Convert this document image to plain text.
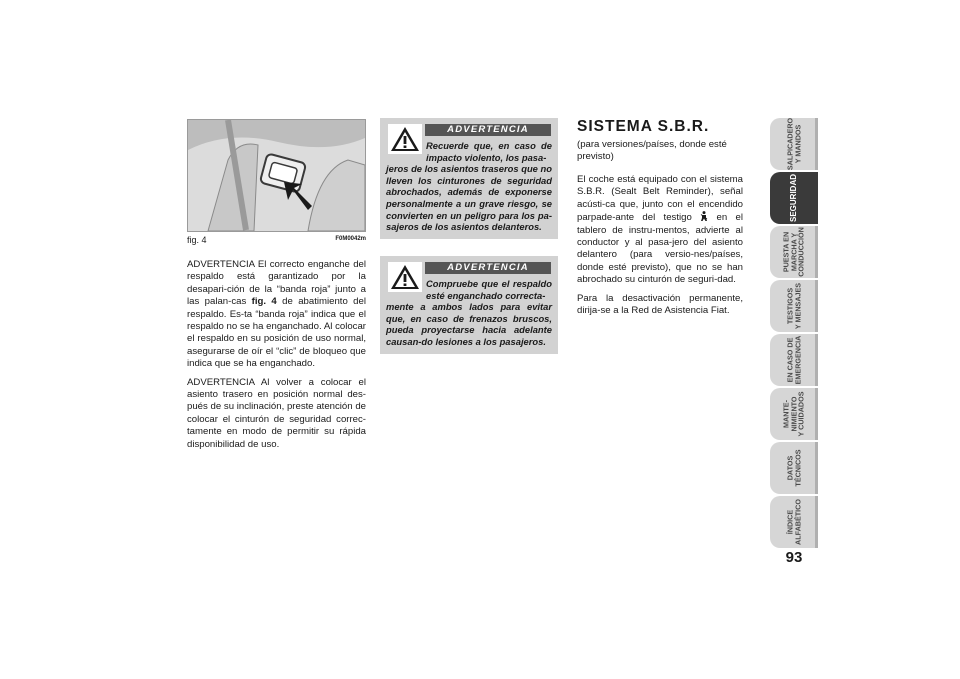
fig. 4	F0M0042m

ADVERTENCIA El correcto enganche del respaldo está garantizado por la desapari-ción de la “banda roja” junto a las palan-cas fig. 4 de abatimiento del respaldo. Es-ta “banda roja” indica que el respaldo no se ha enganchado. Al colocar el respaldo en su posición de uso normal, asegurarse de oír el “clic” de bloqueo que indica que se ha enganchado.

ADVERTENCIA Al volver a colocar el asiento trasero en posición normal des-pués de su inclinación, preste atención de colocar el cinturón de seguridad correc-tamente en modo de permitir su rápida disponibilidad de uso.

ADVERTENCIA
Recuerde que, en caso de impacto violento, los pasa-
jeros de los asientos traseros que no lleven los cinturones de seguridad abrochados, además de exponerse personalmente a un grave riesgo, se convierten en un peligro para los pa-sajeros de los asientos delanteros.
ADVERTENCIA
Compruebe que el respaldo esté enganchado correcta-
mente a ambos lados para evitar que, en caso de frenazos bruscos, pueda proyectarse hacia adelante causan-do lesiones a los pasajeros.
SISTEMA S.B.R.
(para versiones/países, donde esté previsto)

El coche está equipado con el sistema S.B.R. (Sealt Belt Reminder), señal acústi-ca que, junto con el encendido parpade-ante del testigo  en el tablero de instru-mentos, advierte al conductor y al pasa-jero del asiento delantero (para versio-nes/países, donde esté previsto), que no se han abrochado su cinturón de seguri-dad.

Para la desactivación permanente, dirija-se a la Red de Asistencia Fiat.

SALPICADERO
Y MANDOS
SEGURIDAD
PUESTA EN
MARCHA Y
CONDUCCIÓN
TESTIGOS
Y MENSAJES
EN CASO DE
EMERGENCIA
MANTE-
NIMIENTO
Y CUIDADOS
DATOS
TÉCNICOS
ÍNDICE
ALFABÉTICO
93
